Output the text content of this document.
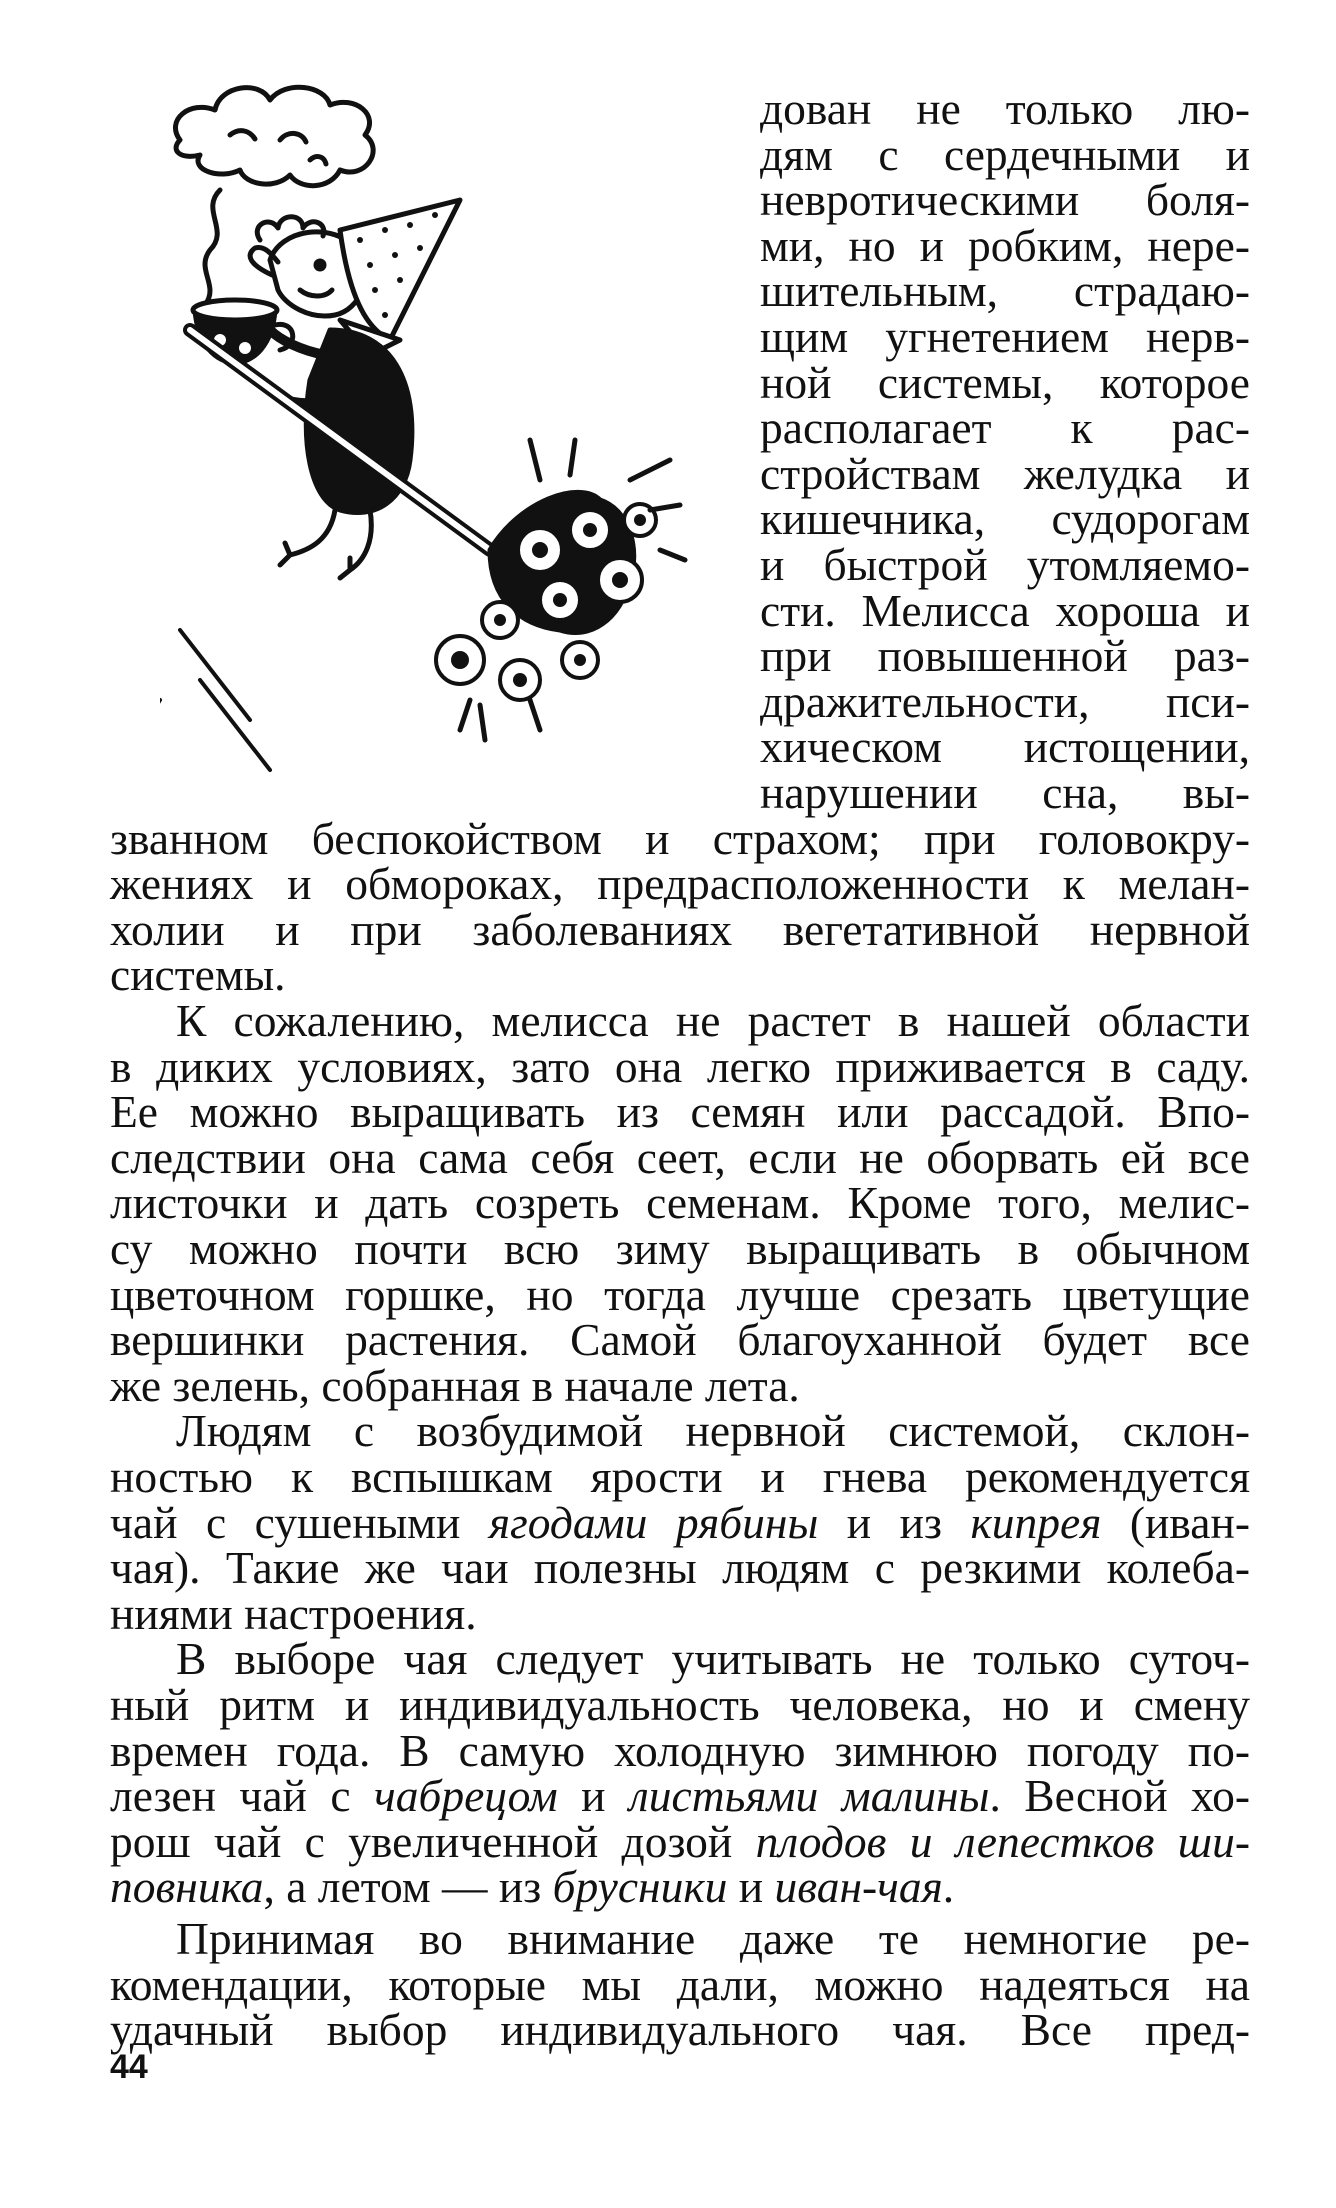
дован не только лю-
дям с сердечными и
невротическими боля-
ми, но и робким, нере-
шительным, страдаю-
щим угнетением нерв-
ной системы, которое
располагает к рас-
стройствам желудка и
кишечника, судорогам
и быстрой утомляемо-
сти. Мелисса хороша и
при повышенной раз-
дражительности, пси-
хическом истощении,
нарушении сна, вы-
званном беспокойством и страхом; при головокру-
жениях и обмороках, предрасположенности к мелан-
холии и при заболеваниях вегетативной нервной
системы.
К сожалению, мелисса не растет в нашей области
в диких условиях, зато она легко приживается в саду.
Ее можно выращивать из семян или рассадой. Впо-
следствии она сама себя сеет, если не оборвать ей все
листочки и дать созреть семенам. Кроме того, мелис-
су можно почти всю зиму выращивать в обычном
цветочном горшке, но тогда лучше срезать цветущие
вершинки растения. Самой благоуханной будет все
же зелень, собранная в начале лета.
Людям с возбудимой нервной системой, склон-
ностью к вспышкам ярости и гнева рекомендуется
чай с сушеными ягодами рябины и из кипрея (иван-
чая). Такие же чаи полезны людям с резкими колеба-
ниями настроения.
В выборе чая следует учитывать не только суточ-
ный ритм и индивидуальность человека, но и смену
времен года. В самую холодную зимнюю погоду по-
лезен чай с чабрецом и листьями малины. Весной хо-
рош чай с увеличенной дозой плодов и лепестков ши-
повника, а летом — из брусники и иван-чая.
Принимая во внимание даже те немногие ре-
комендации, которые мы дали, можно надеяться на
удачный выбор индивидуального чая. Все пред-
44
